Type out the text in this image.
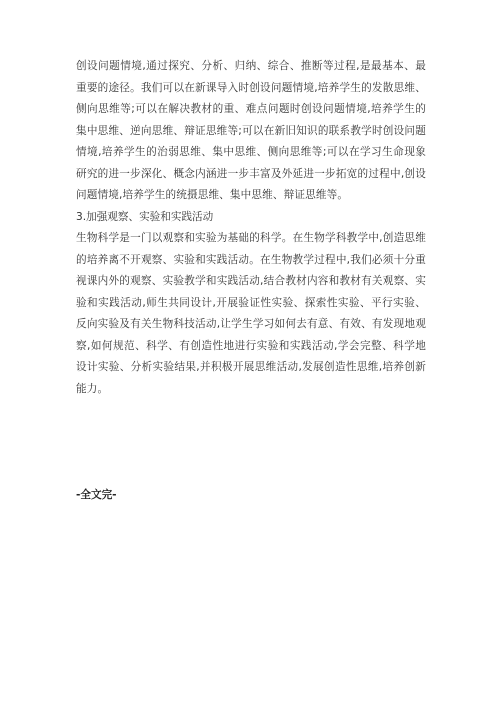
创设问题情境,通过探究、分析、归纳、综合、推断等过程,是最基本、最重要的途径。我们可以在新课导入时创设问题情境,培养学生的发散思维、侧向思维等;可以在解决教材的重、难点问题时创设问题情境,培养学生的集中思维、逆向思维、辩证思维等;可以在新旧知识的联系教学时创设问题情境,培养学生的治弱思维、集中思维、侧向思维等;可以在学习生命现象研究的进一步深化、概念内涵进一步丰富及外延进一步拓宽的过程中,创设问题情境,培养学生的统摄思维、集中思维、辩证思维等。

3.加强观察、实验和实践活动

生物科学是一门以观察和实验为基础的科学。在生物学科教学中,创造思维的培养离不开观察、实验和实践活动。在生物教学过程中,我们必须十分重视课内外的观察、实验教学和实践活动,结合教材内容和教材有关观察、实验和实践活动,师生共同设计,开展验证性实验、探索性实验、平行实验、反向实验及有关生物科技活动,让学生学习如何去有意、有效、有发现地观察,如何规范、科学、有创造性地进行实验和实践活动,学会完整、科学地设计实验、分析实验结果,并积极开展思维活动,发展创造性思维,培养创新能力。

-全文完-
